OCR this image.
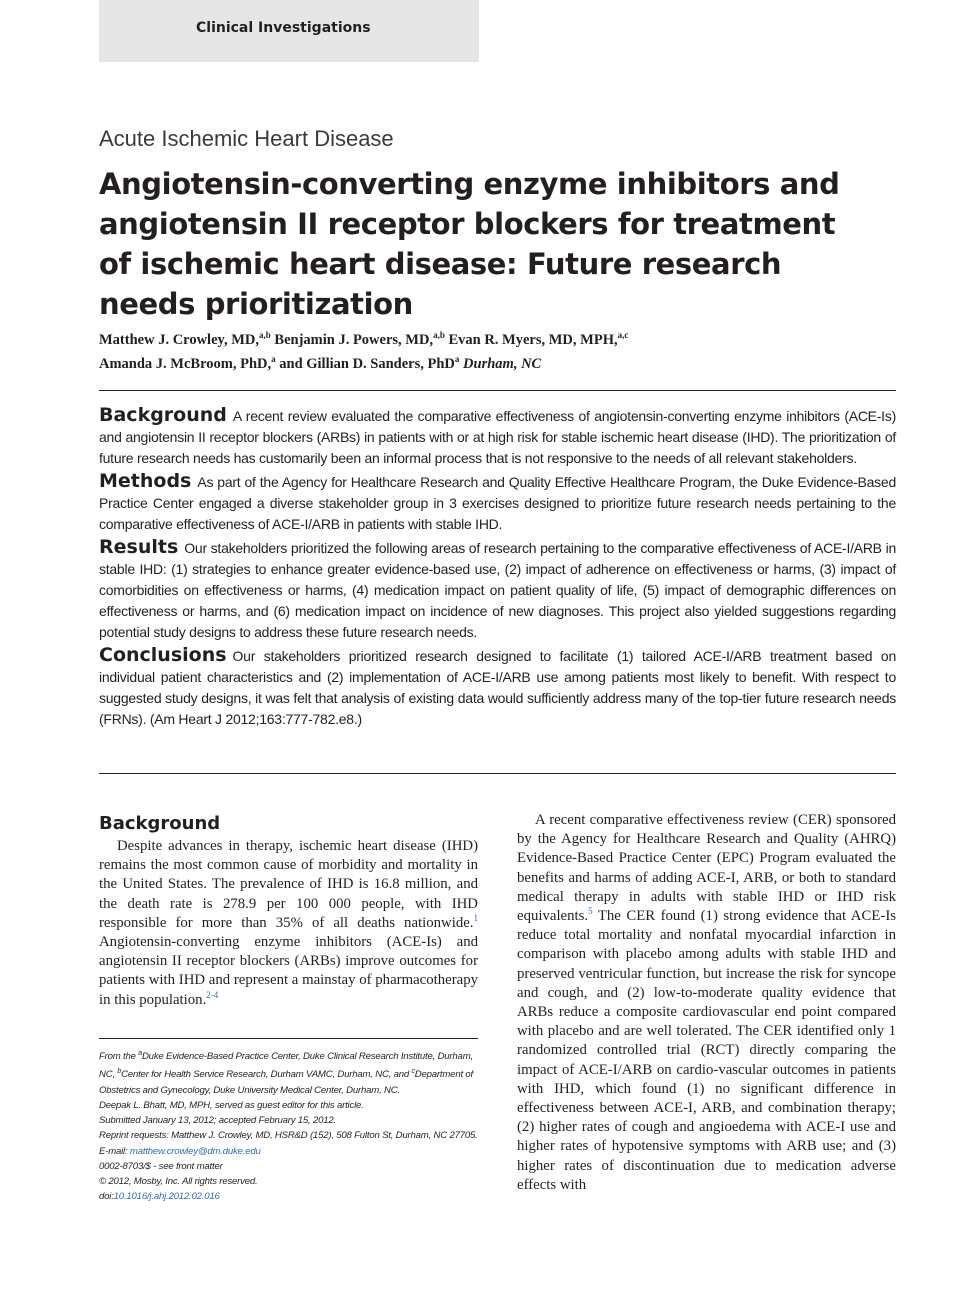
Clinical Investigations
Acute Ischemic Heart Disease
Angiotensin-converting enzyme inhibitors and angiotensin II receptor blockers for treatment of ischemic heart disease: Future research needs prioritization
Matthew J. Crowley, MD,$^{a,b}$ Benjamin J. Powers, MD,$^{a,b}$ Evan R. Myers, MD, MPH,$^{a,c}$
Amanda J. McBroom, PhD,$^a$ and Gillian D. Sanders, PhD$^a$ Durham, NC

Background A recent review evaluated the comparative effectiveness of angiotensin-converting enzyme inhibitors (ACE-Is) and angiotensin II receptor blockers (ARBs) in patients with or at high risk for stable ischemic heart disease (IHD). The prioritization of future research needs has customarily been an informal process that is not responsive to the needs of all relevant stakeholders.

Methods As part of the Agency for Healthcare Research and Quality Effective Healthcare Program, the Duke Evidence-Based Practice Center engaged a diverse stakeholder group in 3 exercises designed to prioritize future research needs pertaining to the comparative effectiveness of ACE-I/ARB in patients with stable IHD.

Results Our stakeholders prioritized the following areas of research pertaining to the comparative effectiveness of ACE-I/ARB in stable IHD: (1) strategies to enhance greater evidence-based use, (2) impact of adherence on effectiveness or harms, (3) impact of comorbidities on effectiveness or harms, (4) medication impact on patient quality of life, (5) impact of demographic differences on effectiveness or harms, and (6) medication impact on incidence of new diagnoses. This project also yielded suggestions regarding potential study designs to address these future research needs.

Conclusions Our stakeholders prioritized research designed to facilitate (1) tailored ACE-I/ARB treatment based on individual patient characteristics and (2) implementation of ACE-I/ARB use among patients most likely to benefit. With respect to suggested study designs, it was felt that analysis of existing data would sufficiently address many of the top-tier future research needs (FRNs). (Am Heart J 2012;163:777-782.e8.)

Background

Despite advances in therapy, ischemic heart disease (IHD) remains the most common cause of morbidity and mortality in the United States. The prevalence of IHD is 16.8 million, and the death rate is 278.9 per 100 000 people, with IHD responsible for more than 35% of all deaths nationwide.$^1$ Angiotensin-converting enzyme inhibitors (ACE-Is) and angiotensin II receptor blockers (ARBs) improve outcomes for patients with IHD and represent a mainstay of pharmacotherapy in this population.$^{2-4}$

From the $^a$Duke Evidence-Based Practice Center, Duke Clinical Research Institute, Durham, NC, $^b$Center for Health Service Research, Durham VAMC, Durham, NC, and $^c$Department of Obstetrics and Gynecology, Duke University Medical Center, Durham, NC.
Deepak L. Bhatt, MD, MPH, served as guest editor for this article.
Submitted January 13, 2012; accepted February 15, 2012.
Reprint requests: Matthew J. Crowley, MD, HSR&D (152), 508 Fulton St, Durham, NC 27705.
E-mail: matthew.crowley@dm.duke.edu
0002-8703/$ - see front matter
© 2012, Mosby, Inc. All rights reserved.
doi:10.1016/j.ahj.2012.02.016

A recent comparative effectiveness review (CER) sponsored by the Agency for Healthcare Research and Quality (AHRQ) Evidence-Based Practice Center (EPC) Program evaluated the benefits and harms of adding ACE-I, ARB, or both to standard medical therapy in adults with stable IHD or IHD risk equivalents.$^5$ The CER found (1) strong evidence that ACE-Is reduce total mortality and nonfatal myocardial infarction in comparison with placebo among adults with stable IHD and preserved ventricular function, but increase the risk for syncope and cough, and (2) low-to-moderate quality evidence that ARBs reduce a composite cardiovascular end point compared with placebo and are well tolerated. The CER identified only 1 randomized controlled trial (RCT) directly comparing the impact of ACE-I/ARB on cardio-vascular outcomes in patients with IHD, which found (1) no significant difference in effectiveness between ACE-I, ARB, and combination therapy; (2) higher rates of cough and angioedema with ACE-I use and higher rates of hypotensive symptoms with ARB use; and (3) higher rates of discontinuation due to medication adverse effects with
